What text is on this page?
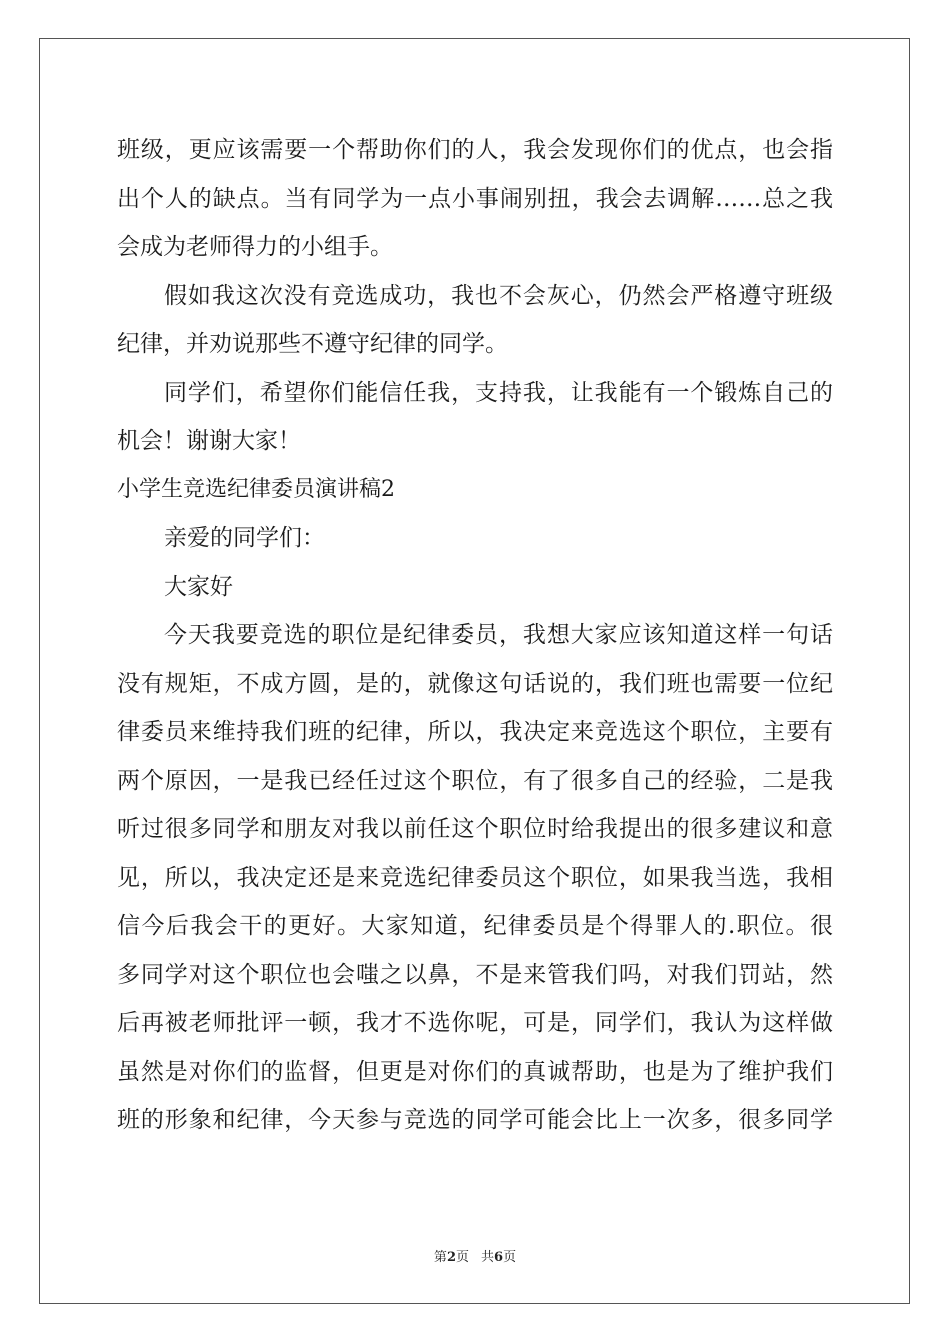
班级，更应该需要一个帮助你们的人，我会发现你们的优点，也会指
出个人的缺点。当有同学为一点小事闹别扭，我会去调解……总之我
会成为老师得力的小组手。
假如我这次没有竞选成功，我也不会灰心，仍然会严格遵守班级
纪律，并劝说那些不遵守纪律的同学。
同学们，希望你们能信任我，支持我，让我能有一个锻炼自己的
机会！谢谢大家！
小学生竞选纪律委员演讲稿2
亲爱的同学们：
大家好
今天我要竞选的职位是纪律委员，我想大家应该知道这样一句话
没有规矩，不成方圆，是的，就像这句话说的，我们班也需要一位纪
律委员来维持我们班的纪律，所以，我决定来竞选这个职位，主要有
两个原因，一是我已经任过这个职位，有了很多自己的经验，二是我
听过很多同学和朋友对我以前任这个职位时给我提出的很多建议和意
见，所以，我决定还是来竞选纪律委员这个职位，如果我当选，我相
信今后我会干的更好。大家知道，纪律委员是个得罪人的.职位。很
多同学对这个职位也会嗤之以鼻，不是来管我们吗，对我们罚站，然
后再被老师批评一顿，我才不选你呢，可是，同学们，我认为这样做
虽然是对你们的监督，但更是对你们的真诚帮助，也是为了维护我们
班的形象和纪律，今天参与竞选的同学可能会比上一次多，很多同学
第2页 共6页
